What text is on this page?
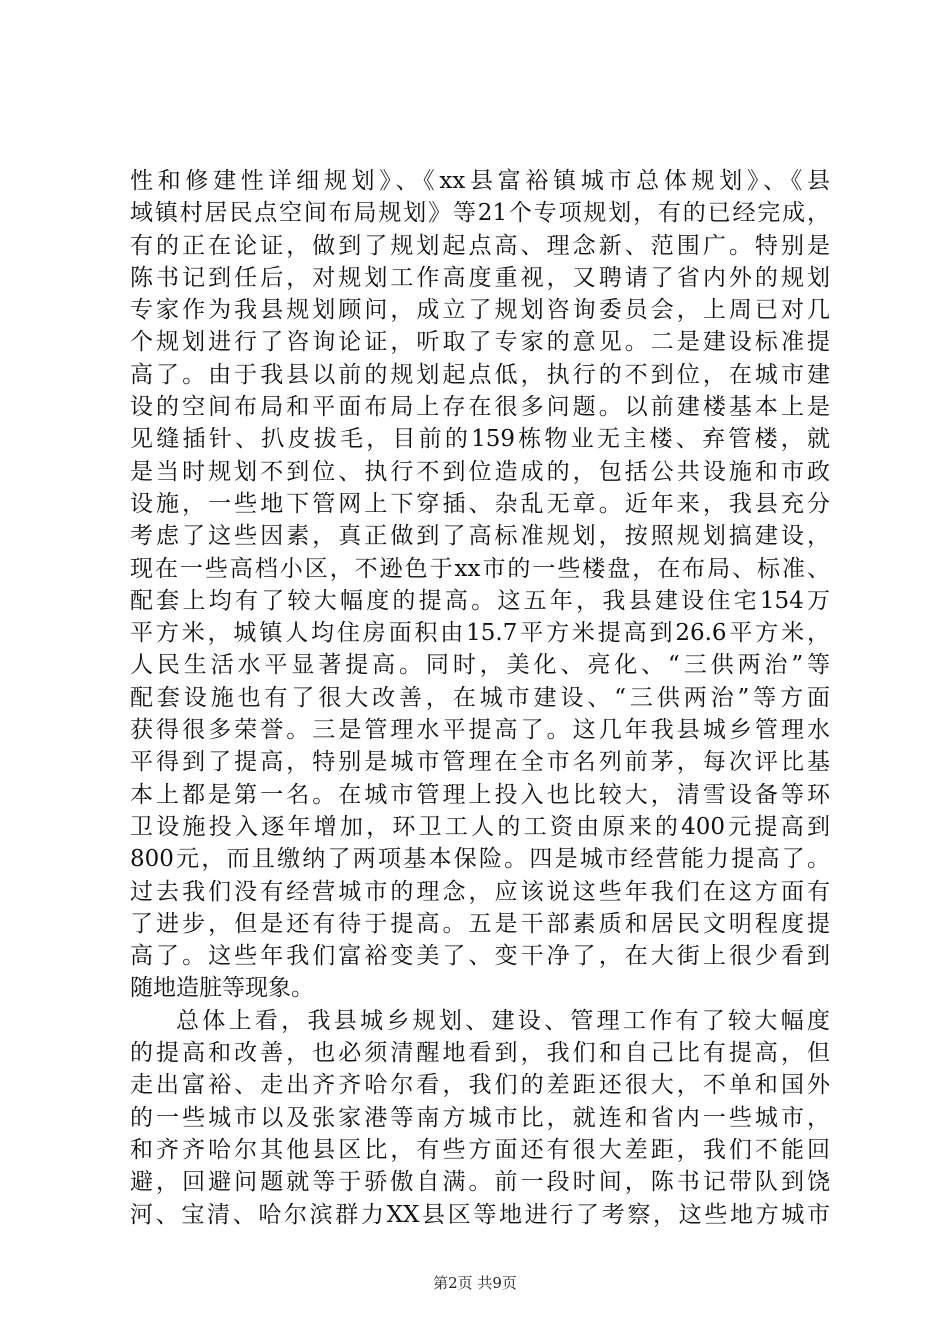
性和修建性详细规划》、《xx县富裕镇城市总体规划》、《县
域镇村居民点空间布局规划》等21个专项规划，有的已经完成，
有的正在论证，做到了规划起点高、理念新、范围广。特别是
陈书记到任后，对规划工作高度重视，又聘请了省内外的规划
专家作为我县规划顾问，成立了规划咨询委员会，上周已对几
个规划进行了咨询论证，听取了专家的意见。二是建设标准提
高了。由于我县以前的规划起点低，执行的不到位，在城市建
设的空间布局和平面布局上存在很多问题。以前建楼基本上是
见缝插针、扒皮拔毛，目前的159栋物业无主楼、弃管楼，就
是当时规划不到位、执行不到位造成的，包括公共设施和市政
设施，一些地下管网上下穿插、杂乱无章。近年来，我县充分
考虑了这些因素，真正做到了高标准规划，按照规划搞建设，
现在一些高档小区，不逊色于xx市的一些楼盘，在布局、标准、
配套上均有了较大幅度的提高。这五年，我县建设住宅154万
平方米，城镇人均住房面积由15.7平方米提高到26.6平方米，
人民生活水平显著提高。同时，美化、亮化、“三供两治”等
配套设施也有了很大改善，在城市建设、“三供两治”等方面
获得很多荣誉。三是管理水平提高了。这几年我县城乡管理水
平得到了提高，特别是城市管理在全市名列前茅，每次评比基
本上都是第一名。在城市管理上投入也比较大，清雪设备等环
卫设施投入逐年增加，环卫工人的工资由原来的400元提高到
800元，而且缴纳了两项基本保险。四是城市经营能力提高了。
过去我们没有经营城市的理念，应该说这些年我们在这方面有
了进步，但是还有待于提高。五是干部素质和居民文明程度提
高了。这些年我们富裕变美了、变干净了，在大街上很少看到
随地造脏等现象。
总体上看，我县城乡规划、建设、管理工作有了较大幅度
的提高和改善，也必须清醒地看到，我们和自己比有提高，但
走出富裕、走出齐齐哈尔看，我们的差距还很大，不单和国外
的一些城市以及张家港等南方城市比，就连和省内一些城市，
和齐齐哈尔其他县区比，有些方面还有很大差距，我们不能回
避，回避问题就等于骄傲自满。前一段时间，陈书记带队到饶
河、宝清、哈尔滨群力XX县区等地进行了考察，这些地方城市
第2页 共9页
